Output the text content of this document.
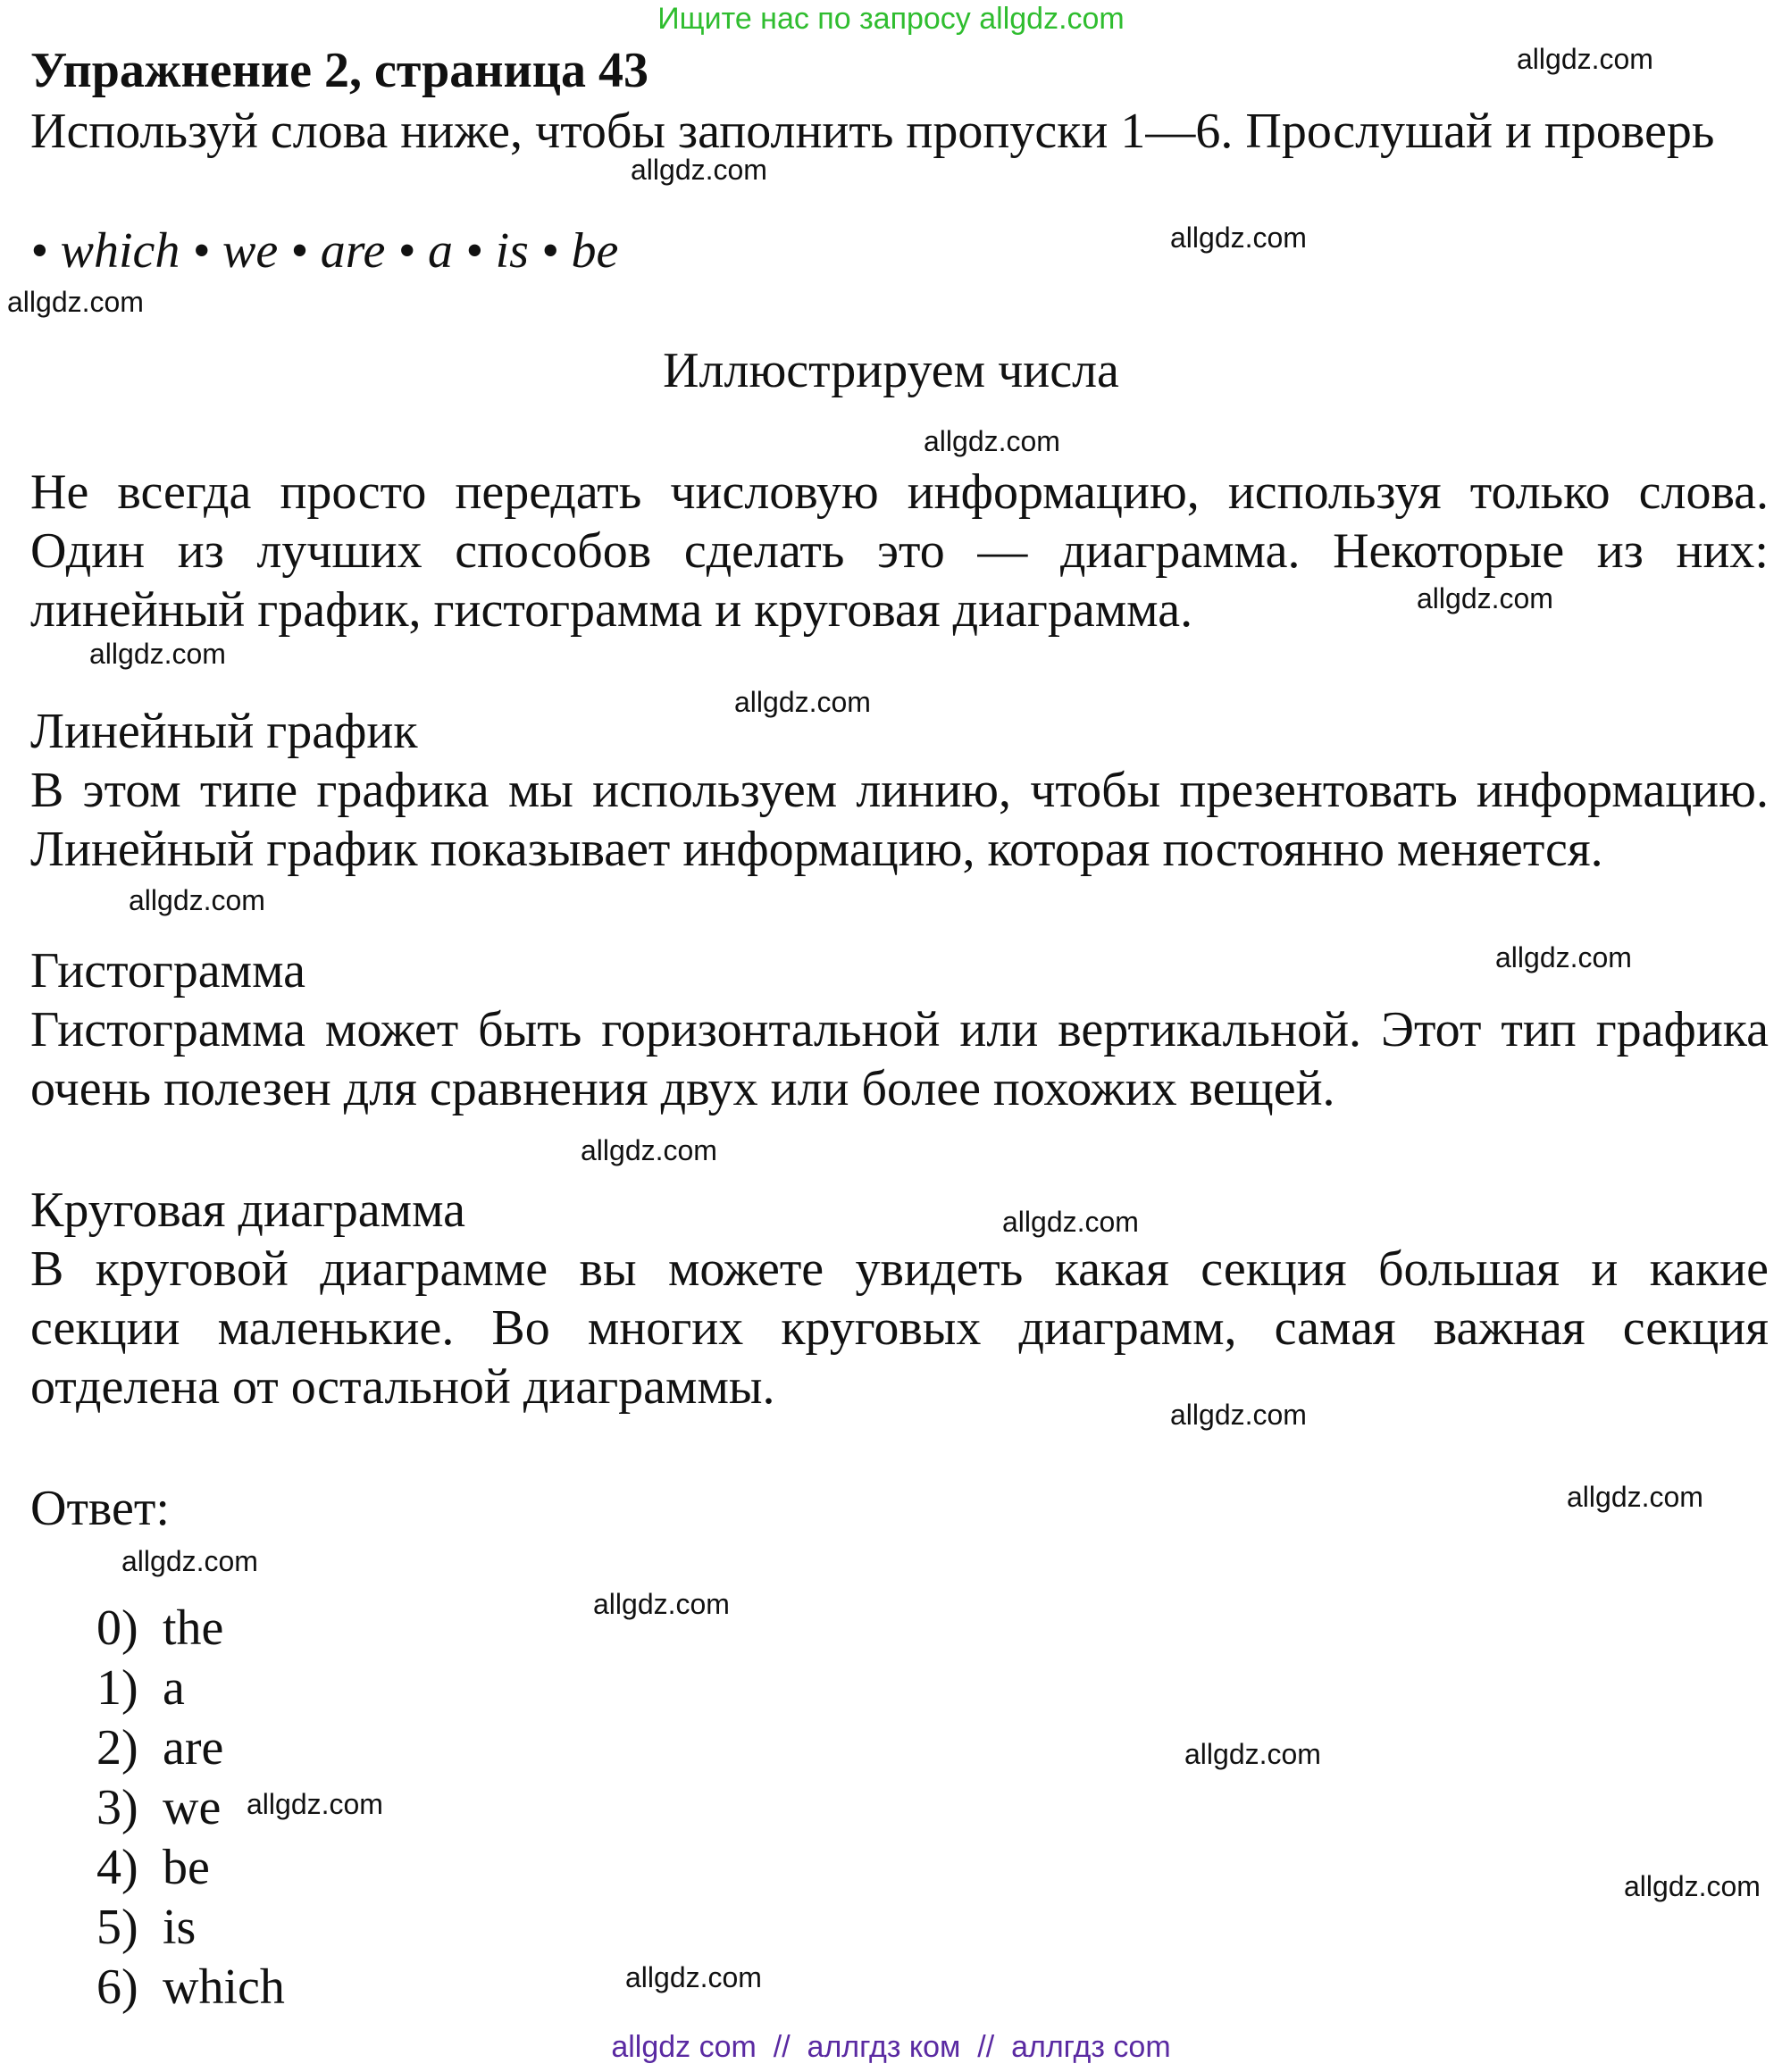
Ищите нас по запросу allgdz.com
Упражнение 2, страница 43
Используй слова ниже, чтобы заполнить пропуски 1—6. Прослушай и проверь
• which • we • are • a • is • be
Иллюстрируем числа
Не всегда просто передать числовую информацию, используя только слова.
Один из лучших способов сделать это — диаграмма. Некоторые из них:
линейный график, гистограмма и круговая диаграмма.
Линейный график
В этом типе графика мы используем линию, чтобы презентовать информацию.
Линейный график показывает информацию, которая постоянно меняется.
Гистограмма
Гистограмма может быть горизонтальной или вертикальной. Этот тип графика
очень полезен для сравнения двух или более похожих вещей.
Круговая диаграмма
В круговой диаграмме вы можете увидеть какая секция большая и какие
секции маленькие. Во многих круговых диаграмм, самая важная секция
отделена от остальной диаграммы.
Ответ:
0) the
1) a
2) are
3) we
4) be
5) is
6) which
allgdz.com
allgdz.com
allgdz.com
allgdz.com
allgdz.com
allgdz.com
allgdz.com
allgdz.com
allgdz.com
allgdz.com
allgdz.com
allgdz.com
allgdz.com
allgdz.com
allgdz.com
allgdz.com
allgdz.com
allgdz.com
allgdz.com
allgdz.com
allgdz com  //  аллгдз ком  //  аллгдз com
